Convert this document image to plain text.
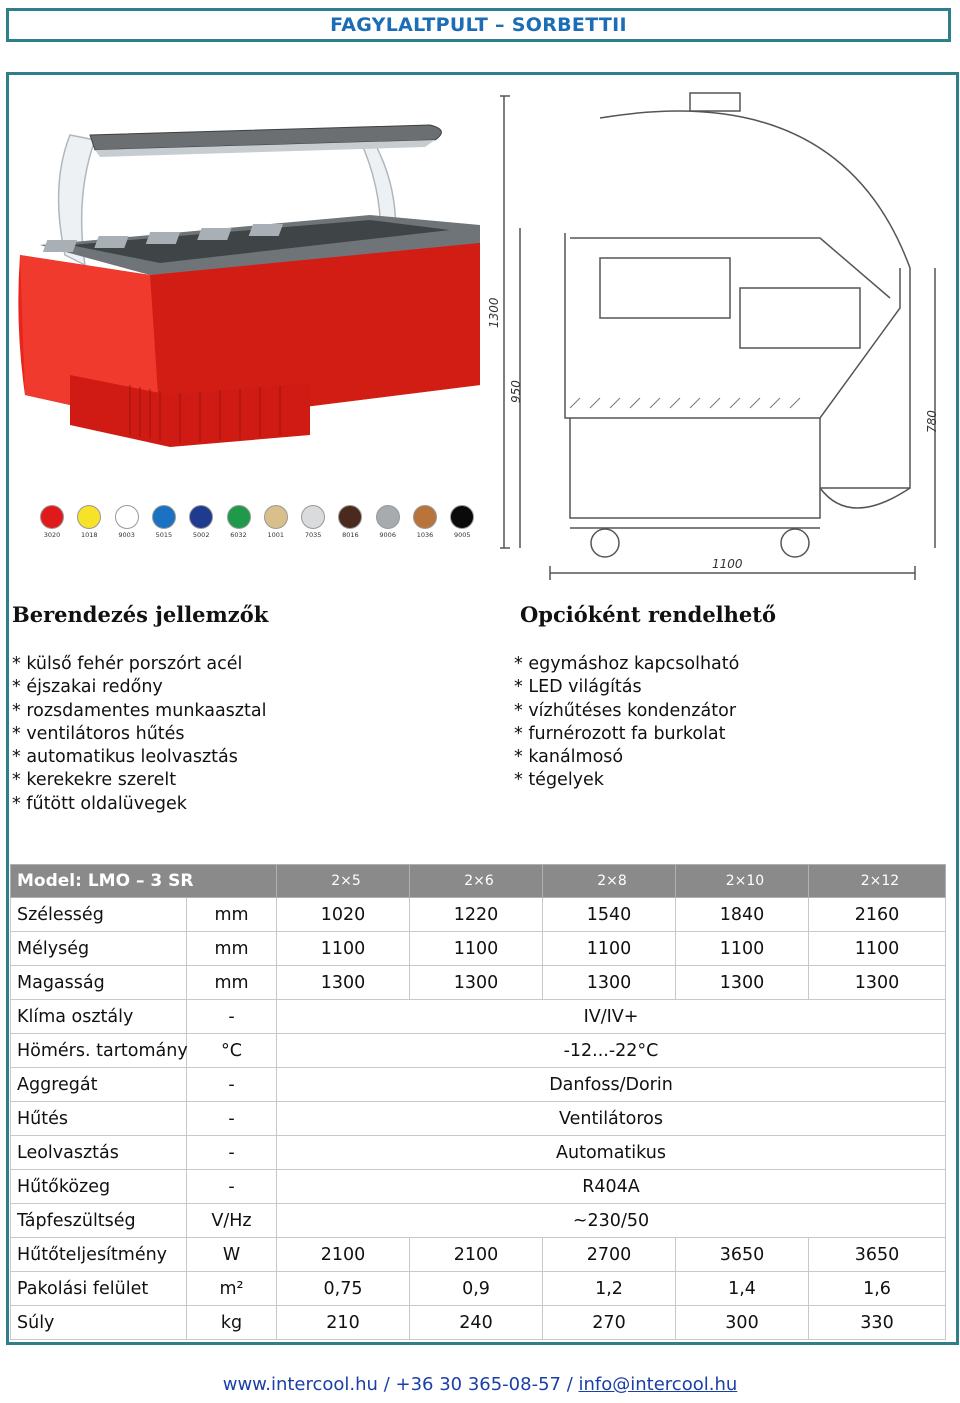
FAGYLALTPULT – SORBETTII
1300
950
780
1100
3020	1018	9003	5015	5002	6032	1001	7035	8016	9006	1036	9005
Berendezés jellemzők
* külső fehér porszórt acél
* éjszakai redőny
* rozsdamentes munkaasztal
* ventilátoros hűtés
* automatikus leolvasztás
* kerekekre szerelt
* fűtött oldalüvegek
Opcióként rendelhető
* egymáshoz kapcsolható
* LED világítás
* vízhűtéses kondenzátor
* furnérozott fa burkolat
* kanálmosó
* tégelyek
Model: LMO – 3 SR		2×5	2×6	2×8	2×10	2×12
Szélesség	mm	1020	1220	1540	1840	2160
Mélység	mm	1100	1100	1100	1100	1100
Magasság	mm	1300	1300	1300	1300	1300
Klíma osztály	-	IV/IV+				
Hömérs. tartomány	°C	-12...-22°C				
Aggregát	-	Danfoss/Dorin				
Hűtés	-	Ventilátoros				
Leolvasztás	-	Automatikus				
Hűtőközeg	-	R404A				
Tápfeszültség	V/Hz	~230/50				
Hűtőteljesítmény	W	2100	2100	2700	3650	3650
Pakolási felület	m²	0,75	0,9	1,2	1,4	1,6
Súly	kg	210	240	270	300	330
www.intercool.hu / +36 30 365-08-57 / info@intercool.hu
